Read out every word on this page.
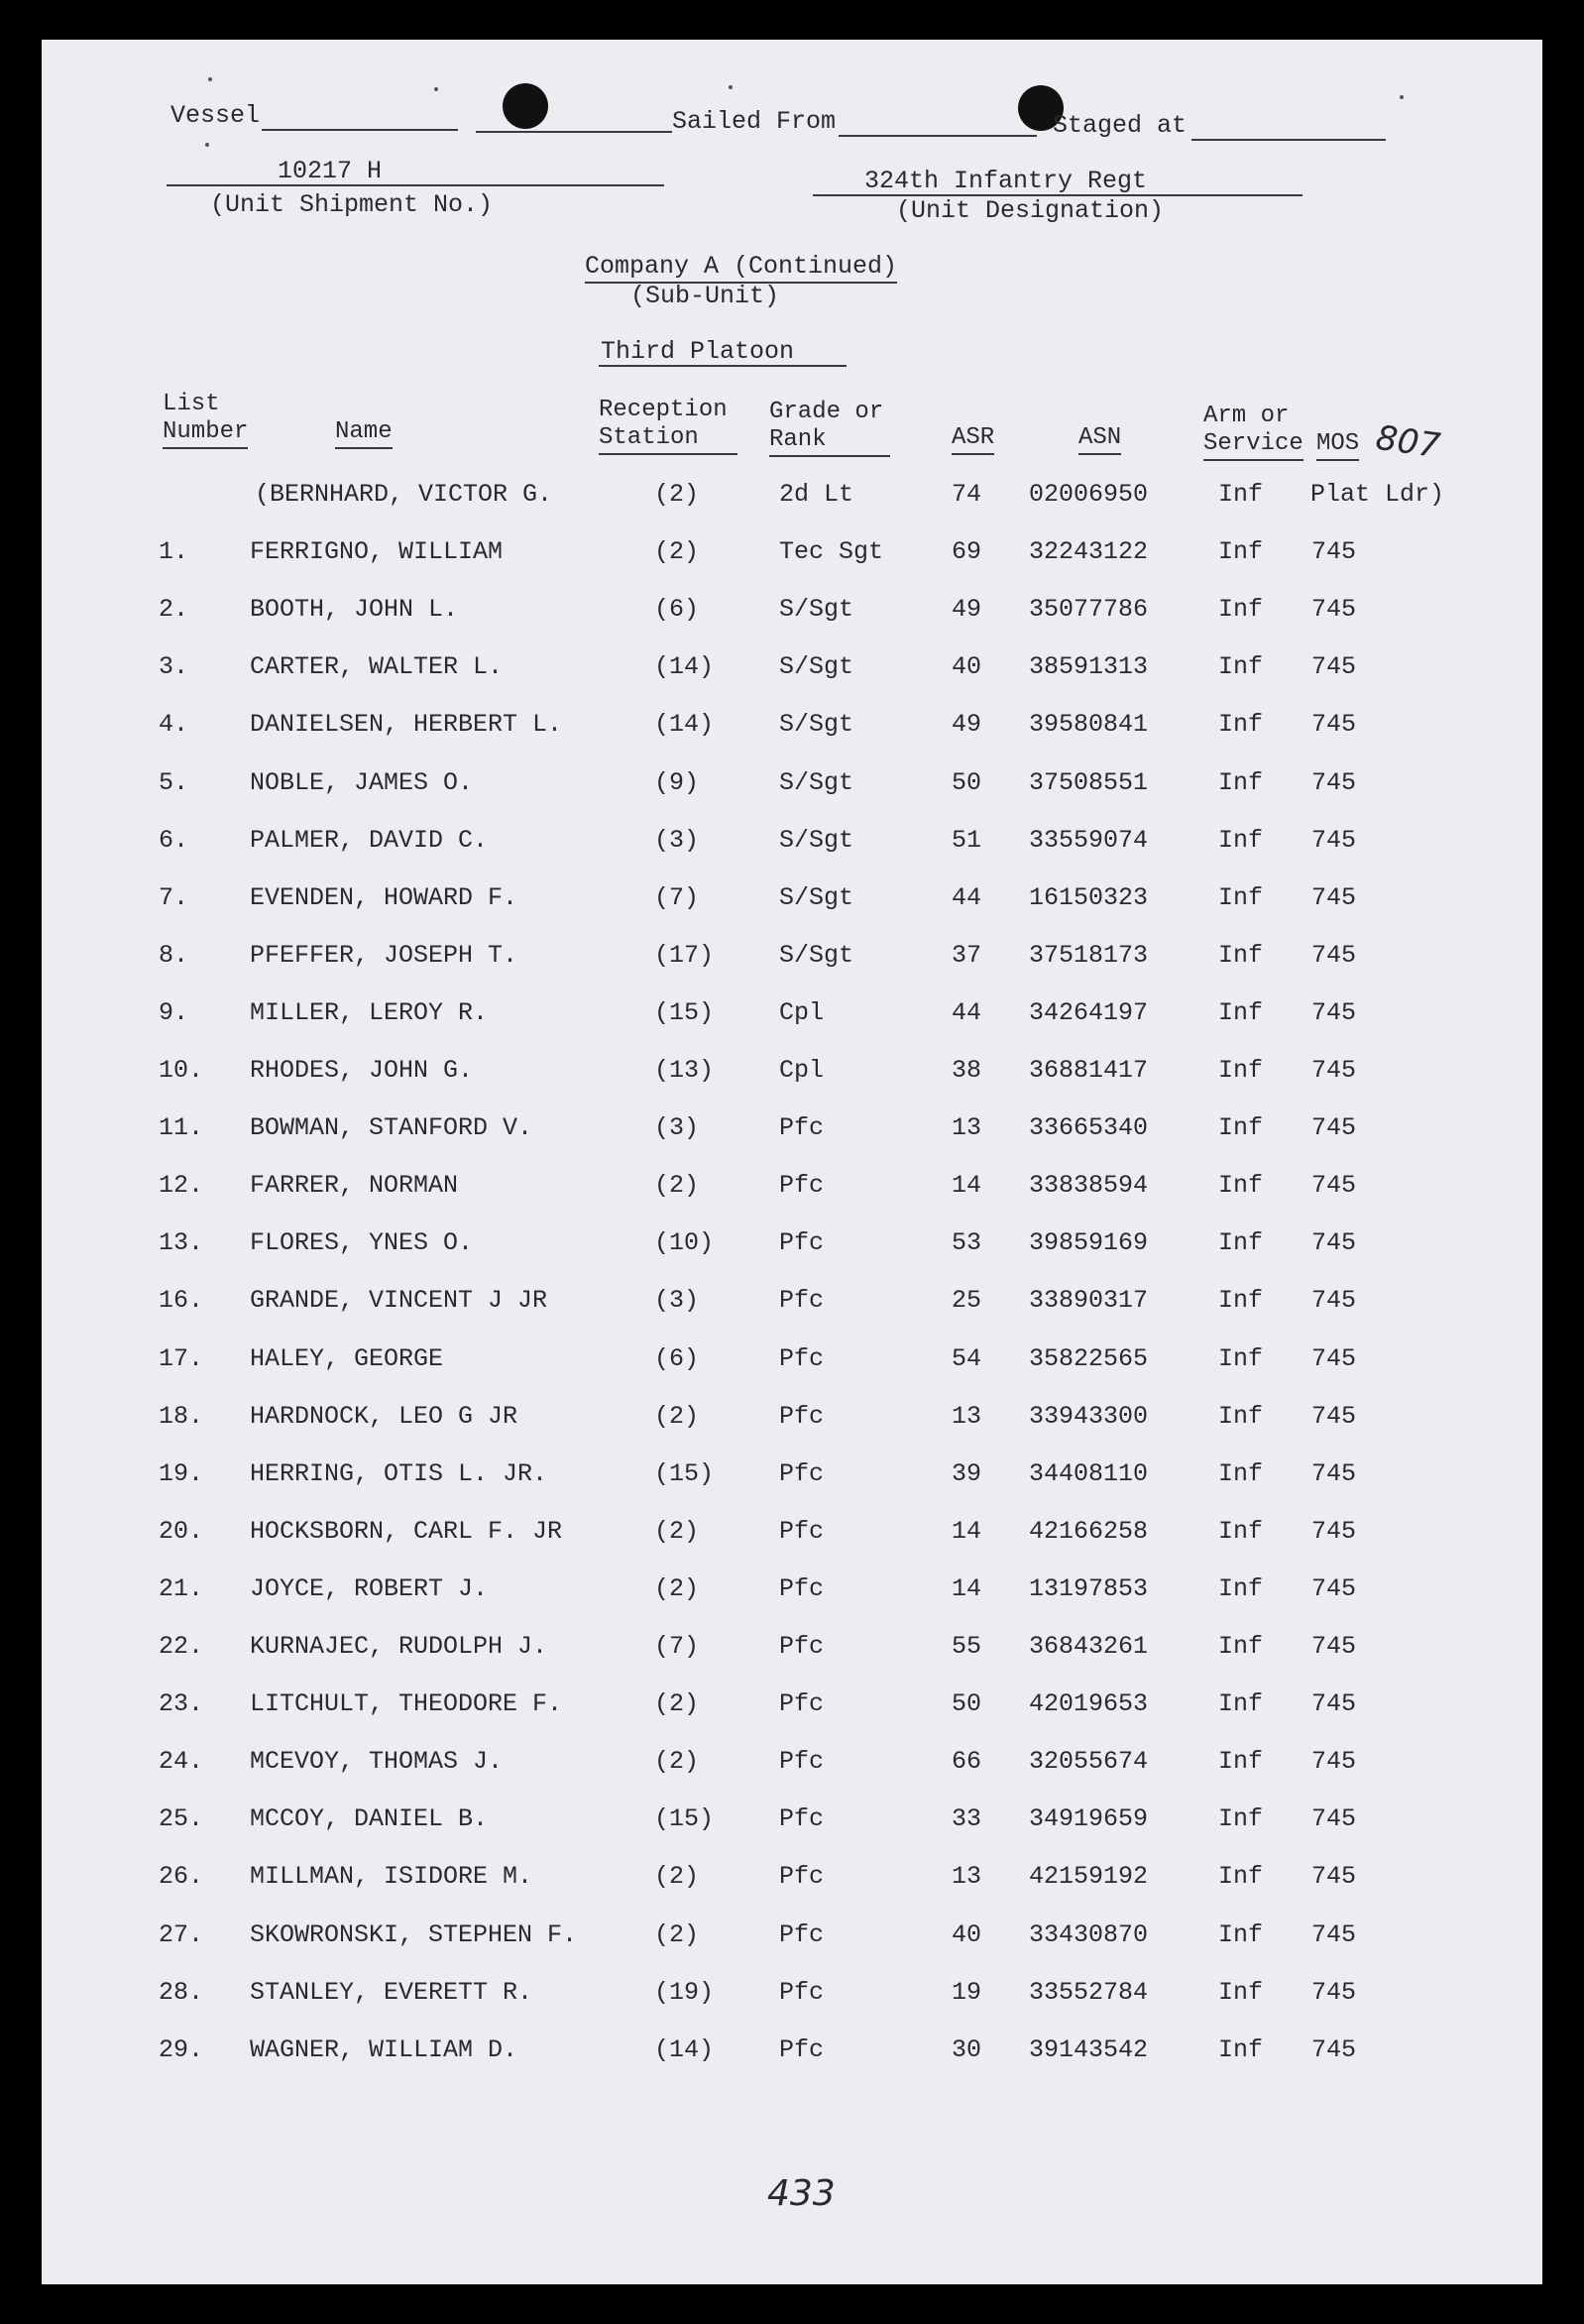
Vessel	Sailed From	Staged at
10217 H
(Unit Shipment No.)
324th Infantry Regt
(Unit Designation)
Company A (Continued)
(Sub-Unit)
Third Platoon
List
Number	Name
Reception
Station
Grade or
Rank	ASR	ASN
Arm or
Service MOS 807
(BERNHARD, VICTOR G.	(2)	2d Lt	74 02006950	Inf Plat Ldr)
1. FERRIGNO, WILLIAM	(2)	Tec Sgt	69 32243122	Inf 745
2. BOOTH, JOHN L.	(6)	S/Sgt	49 35077786	Inf 745
3. CARTER, WALTER L.	(14)	S/Sgt	40 38591313	Inf 745
4. DANIELSEN, HERBERT L.	(14)	S/Sgt	49 39580841	Inf 745
5. NOBLE, JAMES O.	(9)	S/Sgt	50 37508551	Inf 745
6. PALMER, DAVID C.	(3)	S/Sgt	51 33559074	Inf 745
7. EVENDEN, HOWARD F.	(7)	S/Sgt	44 16150323	Inf 745
8. PFEFFER, JOSEPH T.	(17)	S/Sgt	37 37518173	Inf 745
9. MILLER, LEROY R.	(15)	Cpl	44 34264197	Inf 745
10. RHODES, JOHN G.	(13)	Cpl	38 36881417	Inf 745
11. BOWMAN, STANFORD V.	(3)	Pfc	13 33665340	Inf 745
12. FARRER, NORMAN	(2)	Pfc	14 33838594	Inf 745
13. FLORES, YNES O.	(10)	Pfc	53 39859169	Inf 745
16. GRANDE, VINCENT J JR	(3)	Pfc	25 33890317	Inf 745
17. HALEY, GEORGE	(6)	Pfc	54 35822565	Inf 745
18. HARDNOCK, LEO G JR	(2)	Pfc	13 33943300	Inf 745
19. HERRING, OTIS L. JR.	(15)	Pfc	39 34408110	Inf 745
20. HOCKSBORN, CARL F. JR	(2)	Pfc	14 42166258	Inf 745
21. JOYCE, ROBERT J.	(2)	Pfc	14 13197853	Inf 745
22. KURNAJEC, RUDOLPH J.	(7)	Pfc	55 36843261	Inf 745
23. LITCHULT, THEODORE F.	(2)	Pfc	50 42019653	Inf 745
24. MCEVOY, THOMAS J.	(2)	Pfc	66 32055674	Inf 745
25. MCCOY, DANIEL B.	(15)	Pfc	33 34919659	Inf 745
26. MILLMAN, ISIDORE M.	(2)	Pfc	13 42159192	Inf 745
27. SKOWRONSKI, STEPHEN F.	(2)	Pfc	40 33430870	Inf 745
28. STANLEY, EVERETT R.	(19)	Pfc	19 33552784	Inf 745
29. WAGNER, WILLIAM D.	(14)	Pfc	30 39143542	Inf 745
433
